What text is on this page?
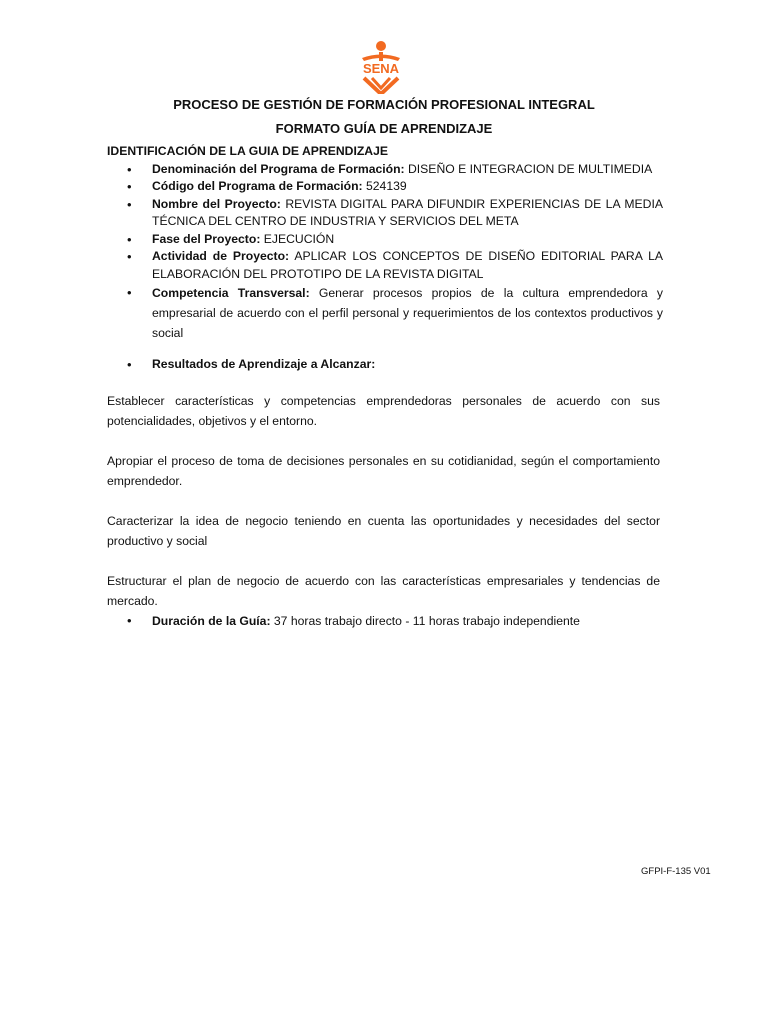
SENA
PROCESO DE GESTIÓN DE FORMACIÓN PROFESIONAL INTEGRAL
FORMATO GUÍA DE APRENDIZAJE
IDENTIFICACIÓN DE LA GUIA DE APRENDIZAJE
• Denominación del Programa de Formación: DISEÑO E INTEGRACION DE MULTIMEDIA
• Código del Programa de Formación: 524139
• Nombre del Proyecto: REVISTA DIGITAL PARA DIFUNDIR EXPERIENCIAS DE LA MEDIA TÉCNICA DEL CENTRO DE INDUSTRIA Y SERVICIOS DEL META
• Fase del Proyecto: EJECUCIÓN
• Actividad de Proyecto: APLICAR LOS CONCEPTOS DE DISEÑO EDITORIAL PARA LA ELABORACIÓN DEL PROTOTIPO DE LA REVISTA DIGITAL
• Competencia Transversal: Generar procesos propios de la cultura emprendedora y empresarial de acuerdo con el perfil personal y requerimientos de los contextos productivos y social
• Resultados de Aprendizaje a Alcanzar:
Establecer características y competencias emprendedoras personales de acuerdo con sus potencialidades, objetivos y el entorno.
Apropiar el proceso de toma de decisiones personales en su cotidianidad, según el comportamiento emprendedor.
Caracterizar la idea de negocio teniendo en cuenta las oportunidades y necesidades del sector productivo y social
Estructurar el plan de negocio de acuerdo con las características empresariales y tendencias de mercado.
• Duración de la Guía: 37 horas trabajo directo - 11 horas trabajo independiente
GFPI-F-135 V01
